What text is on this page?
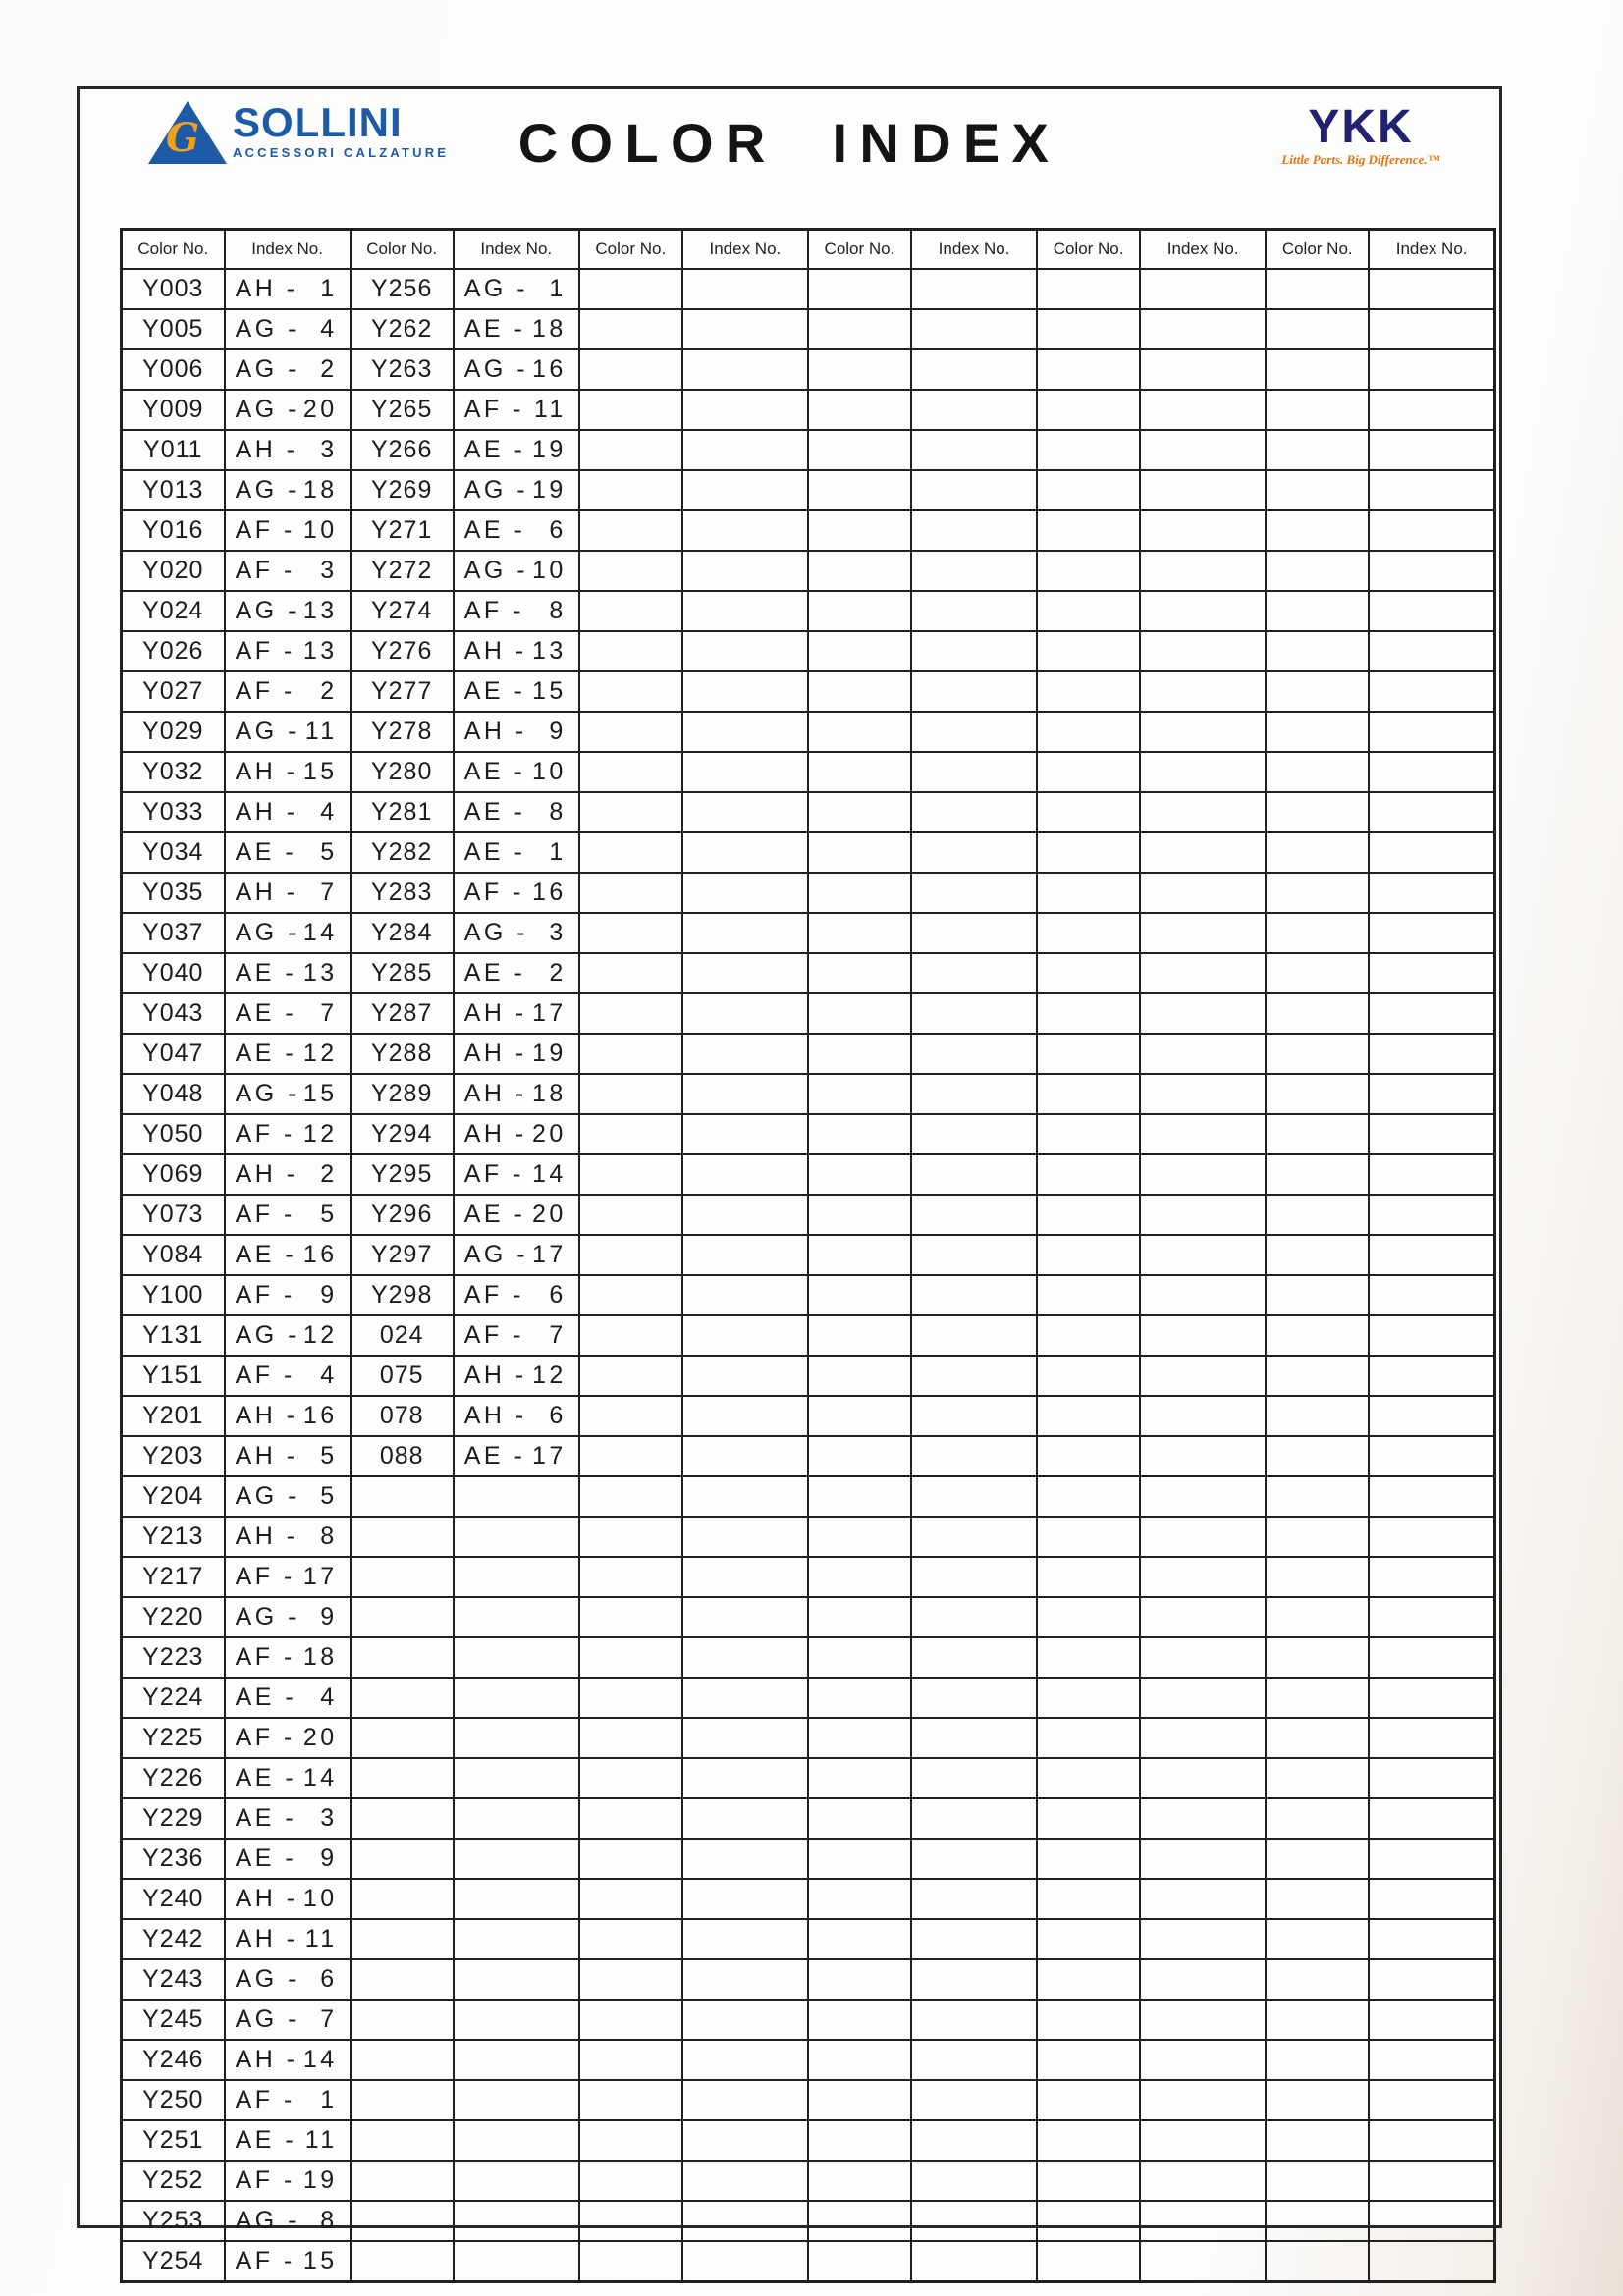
G SOLLINI
ACCESSORI CALZATURE COLOR INDEX	YKK
Little Parts. Big Difference.™
Color No.	Index No.	Color No.	Index No.	Color No.	Index No.	Color No.	Index No.	Color No.	Index No.	Color No.	Index No.
Y003	AH - 1	Y256	AG - 1								

Y005	AG - 4	Y262	AE - 18								

Y006	AG - 2	Y263	AG - 16								

Y009	AG - 20	Y265	AF - 11								

Y011	AH - 3	Y266	AE - 19								

Y013	AG - 18	Y269	AG - 19								

Y016	AF - 10	Y271	AE - 6								

Y020	AF - 3	Y272	AG - 10								

Y024	AG - 13	Y274	AF - 8								

Y026	AF - 13	Y276	AH - 13								

Y027	AF - 2	Y277	AE - 15								

Y029	AG - 11	Y278	AH - 9								

Y032	AH - 15	Y280	AE - 10								

Y033	AH - 4	Y281	AE - 8								

Y034	AE - 5	Y282	AE - 1								

Y035	AH - 7	Y283	AF - 16								

Y037	AG - 14	Y284	AG - 3								

Y040	AE - 13	Y285	AE - 2								

Y043	AE - 7	Y287	AH - 17								

Y047	AE - 12	Y288	AH - 19								

Y048	AG - 15	Y289	AH - 18								

Y050	AF - 12	Y294	AH - 20								

Y069	AH - 2	Y295	AF - 14								

Y073	AF - 5	Y296	AE - 20								

Y084	AE - 16	Y297	AG - 17								

Y100	AF - 9	Y298	AF - 6								

Y131	AG - 12	024	AF - 7								

Y151	AF - 4	075	AH - 12								

Y201	AH - 16	078	AH - 6								

Y203	AH - 5	088	AE - 17								

Y204	AG - 5										

Y213	AH - 8										

Y217	AF - 17										

Y220	AG - 9										

Y223	AF - 18										

Y224	AE - 4										

Y225	AF - 20										

Y226	AE - 14										

Y229	AE - 3										

Y236	AE - 9										

Y240	AH - 10										

Y242	AH - 11										

Y243	AG - 6										

Y245	AG - 7										

Y246	AH - 14										

Y250	AF - 1										

Y251	AE - 11										

Y252	AF - 19										

Y253	AG - 8										

Y254	AF - 15										
